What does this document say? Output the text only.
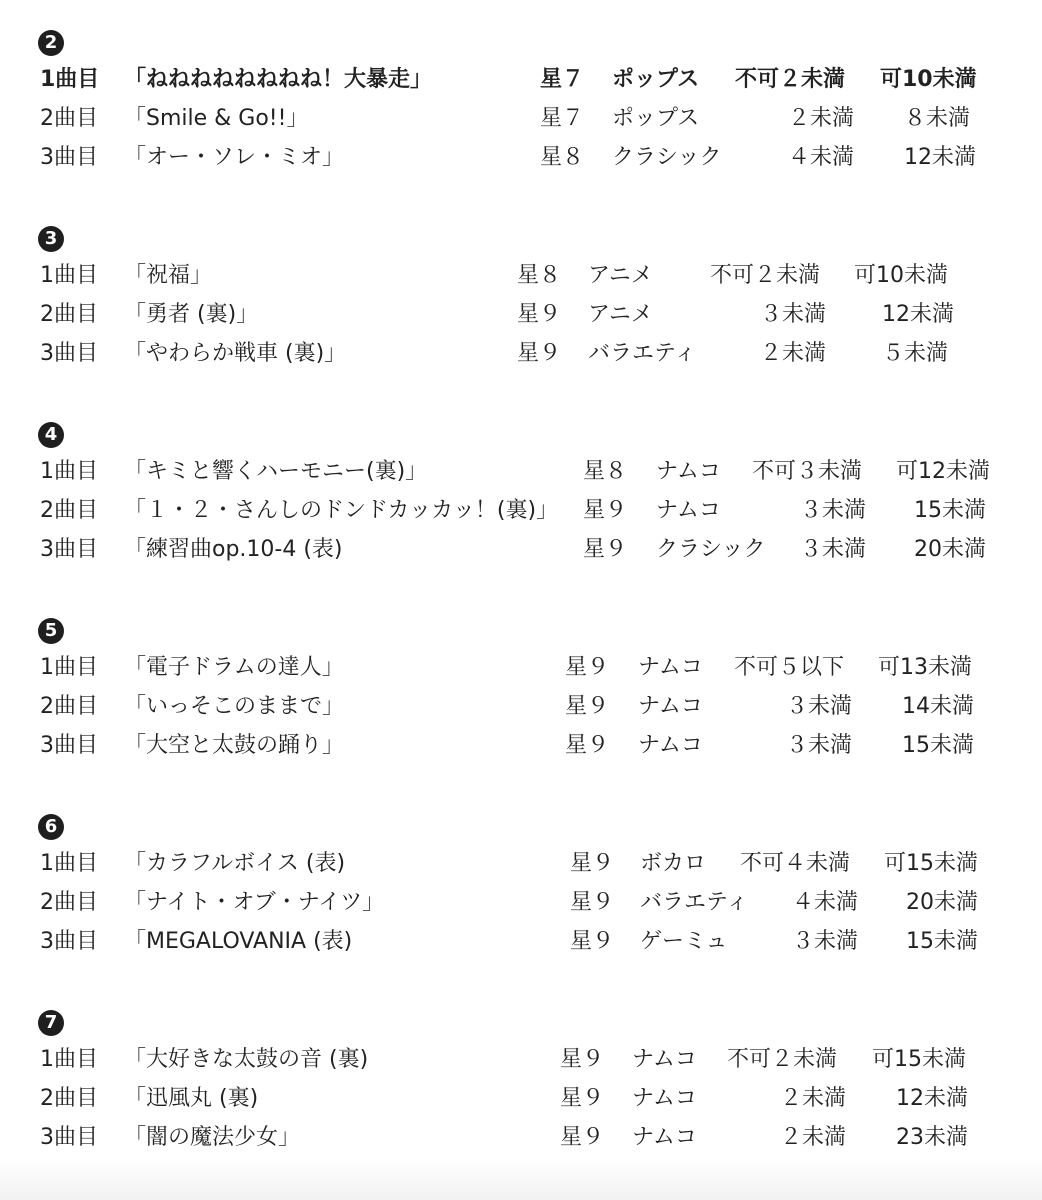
2
1曲目 「ねねねねねねねね！大暴走」	星７ ポップス 不可２未満 可10未満
2曲目 「Smile & Go!!」	星７ ポップス	２未満 ８未満
3曲目 「オー・ソレ・ミオ」	星８ クラシック	４未満 12未満
3
1曲目 「祝福」	星８ アニメ	不可２未満 可10未満
2曲目 「勇者 (裏)」	星９ アニメ	３未満	12未満
3曲目 「やわらか戦車 (裏)」	星９ バラエティ	２未満	５未満
4
1曲目 「キミと響くハーモニー(裏)」	星８ ナムコ 不可３未満 可12未満
2曲目 「１・２・さんしのドンドカッカッ！(裏)」 星９ ナムコ	３未満 15未満
3曲目 「練習曲op.10-4 (表)	星９ クラシック ３未満 20未満
5
1曲目 「電子ドラムの達人」	星９ ナムコ 不可５以下 可13未満
2曲目 「いっそこのままで」	星９ ナムコ	３未満 14未満
3曲目 「大空と太鼓の踊り」	星９ ナムコ	３未満 15未満
6
1曲目 「カラフルボイス (表)	星９ ボカロ 不可４未満 可15未満
2曲目 「ナイト・オブ・ナイツ」	星９ バラエティ ４未満 20未満
3曲目 「MEGALOVANIA (表)	星９ ゲーミュ	３未満 15未満
7
1曲目 「大好きな太鼓の音 (裏)	星９ ナムコ 不可２未満 可15未満
2曲目 「迅風丸 (裏)	星９ ナムコ	２未満 12未満
3曲目 「闇の魔法少女」	星９ ナムコ	２未満 23未満
